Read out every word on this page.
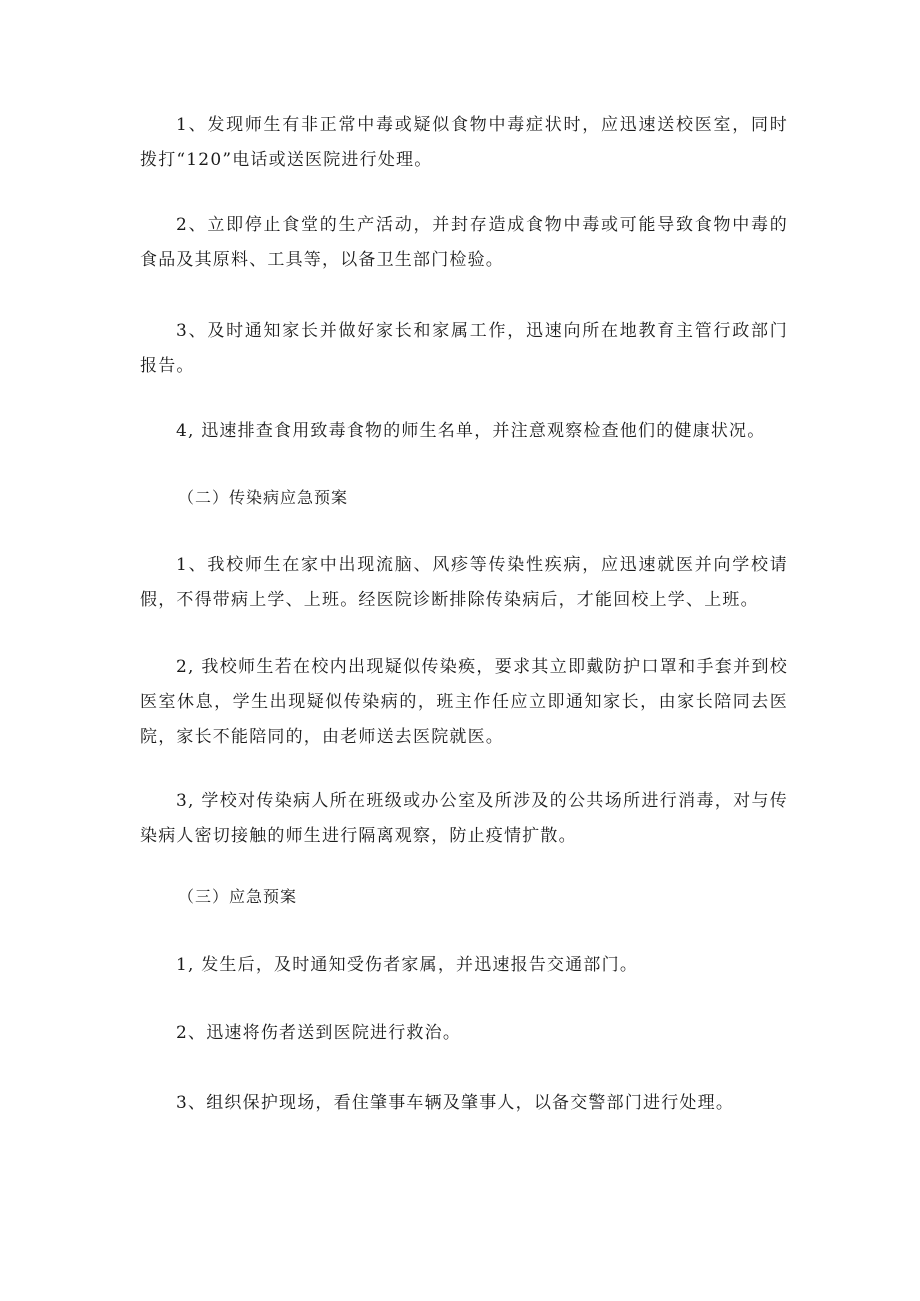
1、发现师生有非正常中毒或疑似食物中毒症状时，应迅速送校医室，同时拨打“120”电话或送医院进行处理。

2、立即停止食堂的生产活动，并封存造成食物中毒或可能导致食物中毒的食品及其原料、工具等，以备卫生部门检验。

3、及时通知家长并做好家长和家属工作，迅速向所在地教育主管行政部门报告。

4, 迅速排查食用致毒食物的师生名单，并注意观察检查他们的健康状况。

（二）传染病应急预案

1、我校师生在家中出现流脑、风疹等传染性疾病，应迅速就医并向学校请假，不得带病上学、上班。经医院诊断排除传染病后，才能回校上学、上班。

2, 我校师生若在校内出现疑似传染痪，要求其立即戴防护口罩和手套并到校医室休息，学生出现疑似传染病的，班主作任应立即通知家长，由家长陪同去医院，家长不能陪同的，由老师送去医院就医。

3, 学校对传染病人所在班级或办公室及所涉及的公共场所进行消毒，对与传染病人密切接触的师生进行隔离观察，防止疫情扩散。

（三）应急预案

1, 发生后，及时通知受伤者家属，并迅速报告交通部门。

2、迅速将伤者送到医院进行救治。

3、组织保护现场，看住肇事车辆及肇事人，以备交警部门进行处理。
